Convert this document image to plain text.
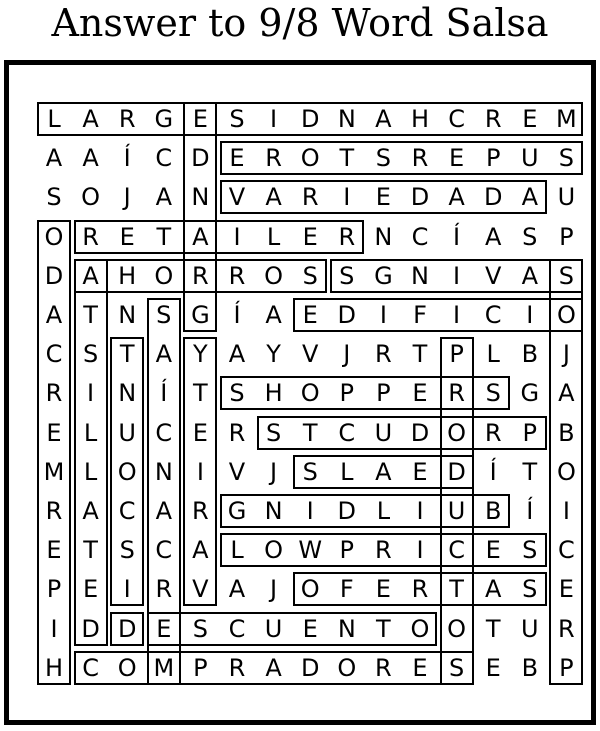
Answer to 9/8 Word Salsa
L A R G E S	I D N A H C R E M
A A	Í	C D E R O T S R E P U S
S O J	A N V A R	I	E D A D A U
O R E T A	I	L E R N C	Í	A S P
D A H O R R O S S G N	I	V A S
A T N S G Í	A E D I	F	I	C	I O
C S T A Y A Y V	J	R T P L B	J
R	I	N	Í	T S H O P P E R S G A
E L U C E R S T C U D O R P B
M L O N	I	V	J	S L A E D Í	T O
R A C A R G N	I D L	I	U B	Í	I
E T S C A L O W P R	I	C E S C
P E	I	R V A	J O F E R T A S E
I D D E S C U E N T O O T U R
H C O M P R A D O R E S E B P
